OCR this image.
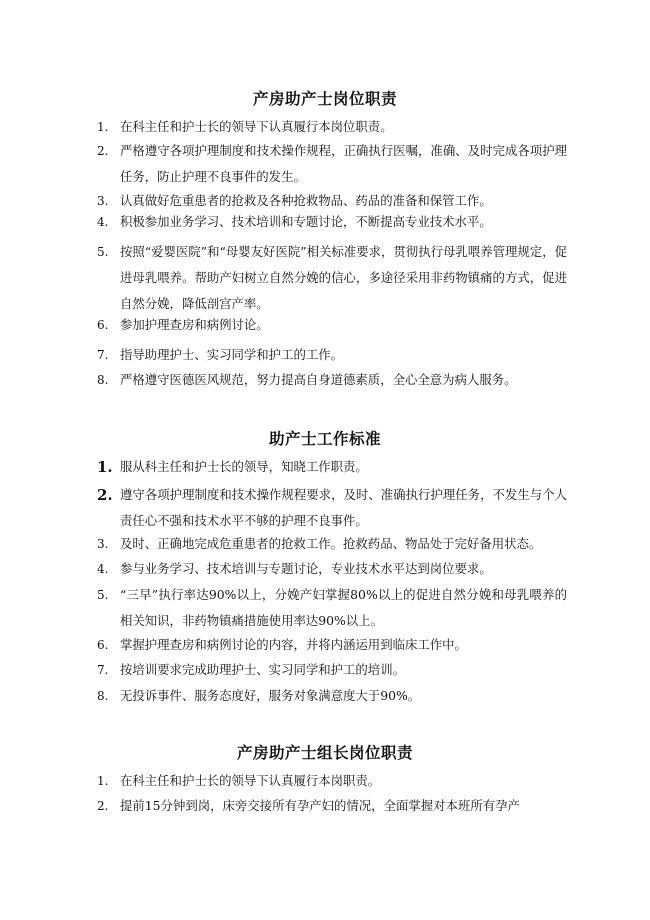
产房助产士岗位职责
1. 在科主任和护士长的领导下认真履行本岗位职责。
2. 严格遵守各项护理制度和技术操作规程，正确执行医嘱，准确、及时完成各项护理任务，防止护理不良事件的发生。
3. 认真做好危重患者的抢救及各种抢救物品、药品的准备和保管工作。
4. 积极参加业务学习、技术培训和专题讨论，不断提高专业技术水平。
5. 按照“爱婴医院”和“母婴友好医院”相关标准要求，贯彻执行母乳喂养管理规定，促进母乳喂养。帮助产妇树立自然分娩的信心，多途径采用非药物镇痛的方式，促进自然分娩，降低剖宫产率。
6. 参加护理查房和病例讨论。
7. 指导助理护士、实习同学和护工的工作。
8. 严格遵守医德医风规范，努力提高自身道德素质，全心全意为病人服务。
助产士工作标准
1. 服从科主任和护士长的领导，知晓工作职责。
2. 遵守各项护理制度和技术操作规程要求，及时、准确执行护理任务，不发生与个人责任心不强和技术水平不够的护理不良事件。
3. 及时、正确地完成危重患者的抢救工作。抢救药品、物品处于完好备用状态。
4. 参与业务学习、技术培训与专题讨论，专业技术水平达到岗位要求。
5. “三早”执行率达90%以上，分娩产妇掌握80%以上的促进自然分娩和母乳喂养的相关知识，非药物镇痛措施使用率达90%以上。
6. 掌握护理查房和病例讨论的内容，并将内涵运用到临床工作中。
7. 按培训要求完成助理护士、实习同学和护工的培训。
8. 无投诉事件、服务态度好，服务对象满意度大于90%。
产房助产士组长岗位职责
1. 在科主任和护士长的领导下认真履行本岗职责。
2. 提前15分钟到岗，床旁交接所有孕产妇的情况，全面掌握对本班所有孕产
